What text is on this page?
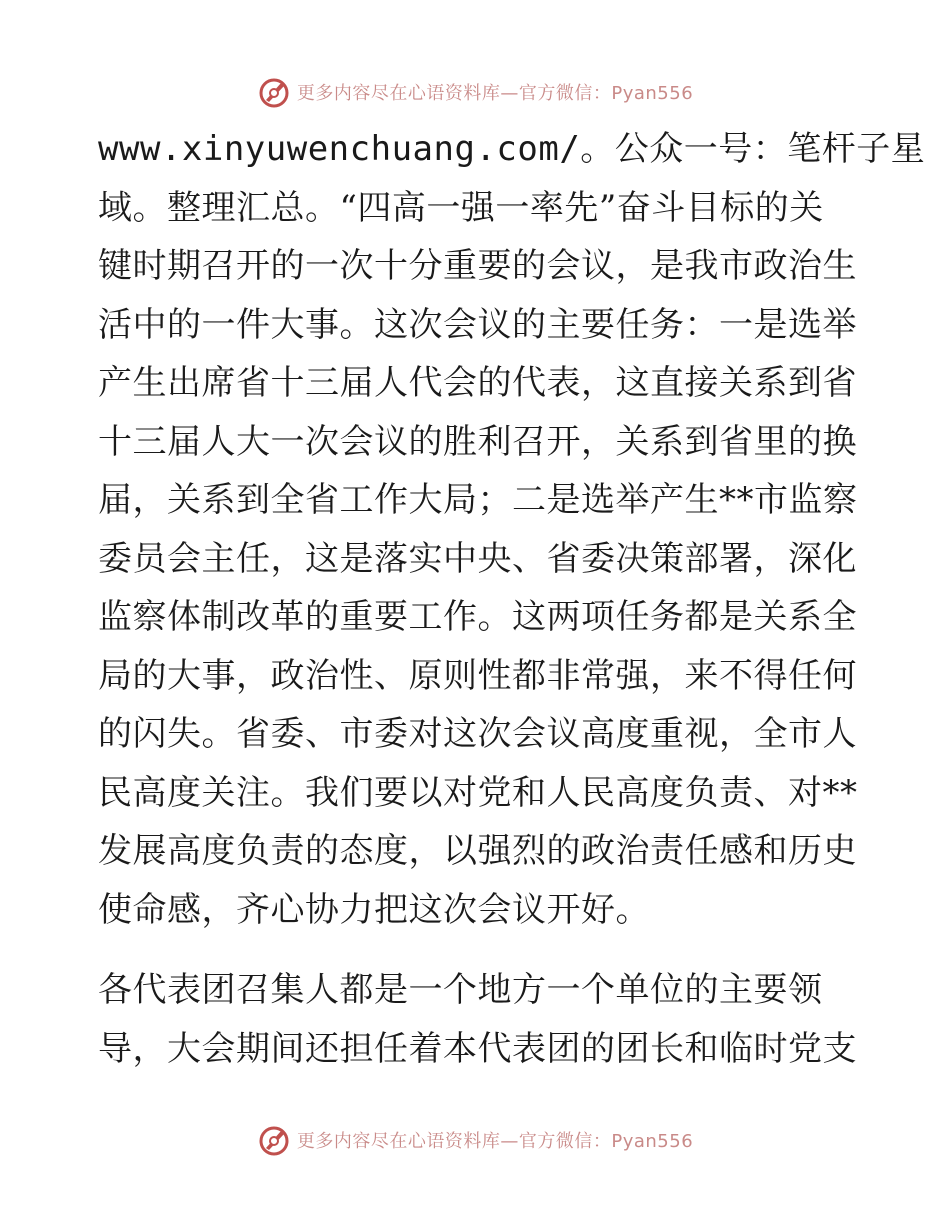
更多内容尽在心语资料库—官方微信：Pyan556
www.xinyuwenchuang.com/。公众一号：笔杆子星
域。整理汇总。“四高一强一率先”奋斗目标的关
键时期召开的一次十分重要的会议，是我市政治生
活中的一件大事。这次会议的主要任务：一是选举
产生出席省十三届人代会的代表，这直接关系到省
十三届人大一次会议的胜利召开，关系到省里的换
届，关系到全省工作大局；二是选举产生**市监察
委员会主任，这是落实中央、省委决策部署，深化
监察体制改革的重要工作。这两项任务都是关系全
局的大事，政治性、原则性都非常强，来不得任何
的闪失。省委、市委对这次会议高度重视，全市人
民高度关注。我们要以对党和人民高度负责、对**
发展高度负责的态度，以强烈的政治责任感和历史
使命感，齐心协力把这次会议开好。
各代表团召集人都是一个地方一个单位的主要领
导，大会期间还担任着本代表团的团长和临时党支
更多内容尽在心语资料库—官方微信：Pyan556
